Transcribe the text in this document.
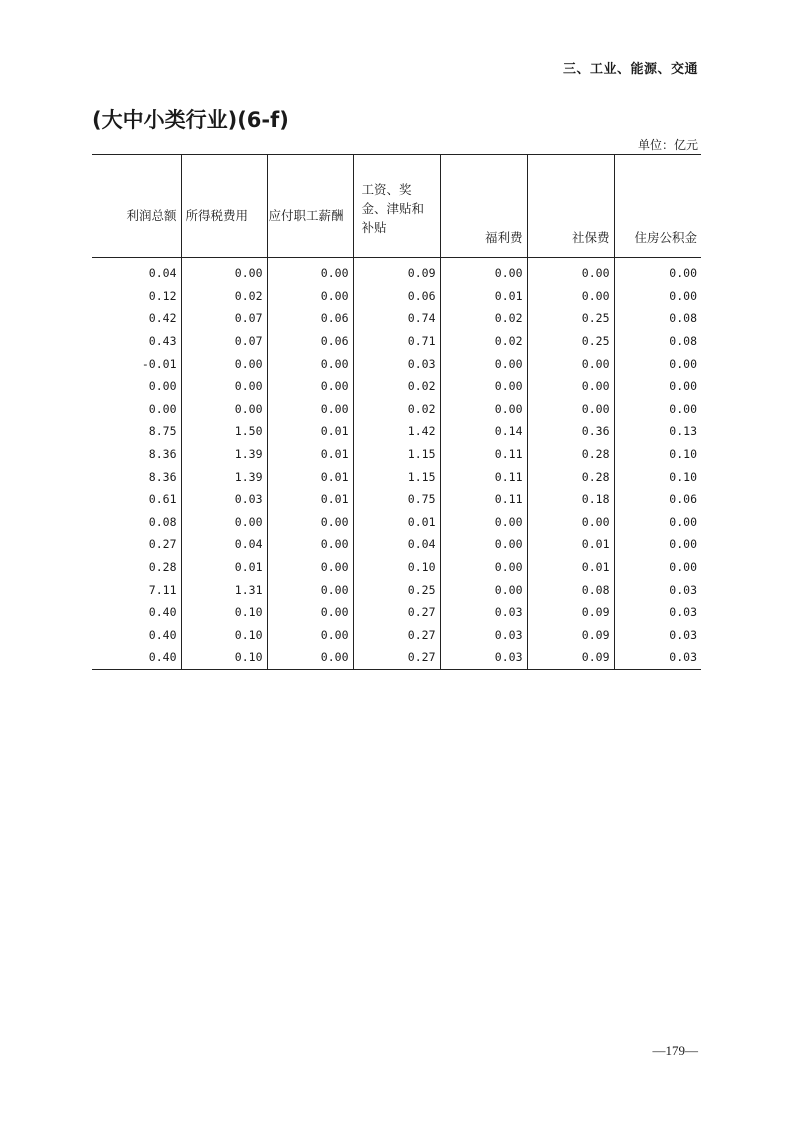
三、工业、能源、交通
(大中小类行业)(6-f)
单位：亿元
利润总额	所得税费用	应付职工薪酬	工资、奖金、津贴和补贴	福利费	社保费	住房公积金
0.04	0.00	0.00	0.09	0.00	0.00	0.00
0.12	0.02	0.00	0.06	0.01	0.00	0.00
0.42	0.07	0.06	0.74	0.02	0.25	0.08
0.43	0.07	0.06	0.71	0.02	0.25	0.08
-0.01	0.00	0.00	0.03	0.00	0.00	0.00
0.00	0.00	0.00	0.02	0.00	0.00	0.00
0.00	0.00	0.00	0.02	0.00	0.00	0.00
8.75	1.50	0.01	1.42	0.14	0.36	0.13
8.36	1.39	0.01	1.15	0.11	0.28	0.10
8.36	1.39	0.01	1.15	0.11	0.28	0.10
0.61	0.03	0.01	0.75	0.11	0.18	0.06
0.08	0.00	0.00	0.01	0.00	0.00	0.00
0.27	0.04	0.00	0.04	0.00	0.01	0.00
0.28	0.01	0.00	0.10	0.00	0.01	0.00
7.11	1.31	0.00	0.25	0.00	0.08	0.03
0.40	0.10	0.00	0.27	0.03	0.09	0.03
0.40	0.10	0.00	0.27	0.03	0.09	0.03
0.40	0.10	0.00	0.27	0.03	0.09	0.03
—179—
